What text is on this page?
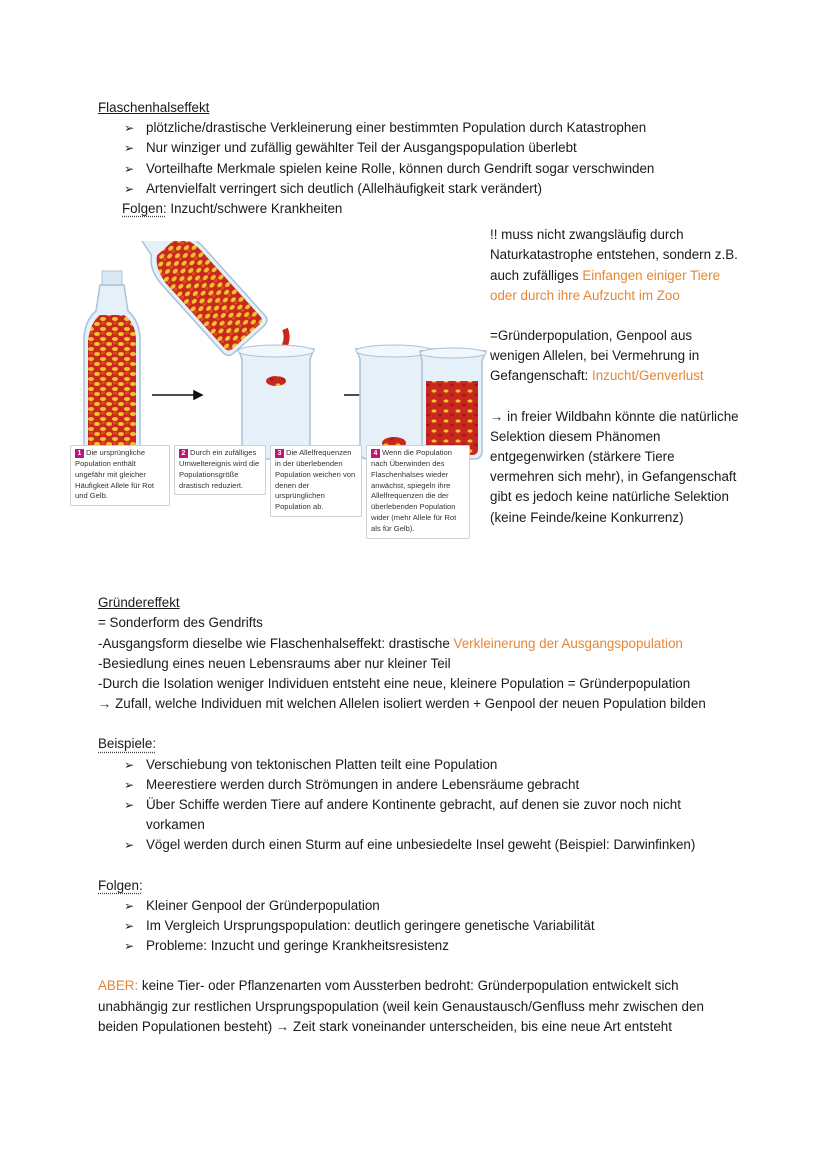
Flaschenhalseffekt
➢ plötzliche/drastische Verkleinerung einer bestimmten Population durch Katastrophen
➢ Nur winziger und zufällig gewählter Teil der Ausgangspopulation überlebt
➢ Vorteilhafte Merkmale spielen keine Rolle, können durch Gendrift sogar verschwinden
➢ Artenvielfalt verringert sich deutlich (Allelhäufigkeit stark verändert)
Folgen: Inzucht/schwere Krankheiten
1 Die ursprüngliche Population enthält ungefähr mit gleicher Häufigkeit Allele für Rot und Gelb.
2 Durch ein zufälliges Umweltereignis wird die Populationsgröße drastisch reduziert.
3 Die Allelfrequenzen in der überlebenden Population weichen von denen der ursprünglichen Population ab.
4 Wenn die Population nach Überwinden des Flaschenhalses wieder anwächst, spiegeln ihre Allelfrequenzen die der überlebenden Population wider (mehr Allele für Rot als für Gelb).

!! muss nicht zwangsläufig durch Naturkatastrophe entstehen, sondern z.B. auch zufälliges Einfangen einiger Tiere oder durch ihre Aufzucht im Zoo

=Gründerpopulation, Genpool aus wenigen Allelen, bei Vermehrung in Gefangenschaft: Inzucht/Genverlust

→ in freier Wildbahn könnte die natürliche Selektion diesem Phänomen entgegenwirken (stärkere Tiere vermehren sich mehr), in Gefangenschaft gibt es jedoch keine natürliche Selektion (keine Feinde/keine Konkurrenz)

Gründereffekt
= Sonderform des Gendrifts
-Ausgangsform dieselbe wie Flaschenhalseffekt: drastische Verkleinerung der Ausgangspopulation
-Besiedlung eines neuen Lebensraums aber nur kleiner Teil
-Durch die Isolation weniger Individuen entsteht eine neue, kleinere Population = Gründerpopulation
→ Zufall, welche Individuen mit welchen Allelen isoliert werden + Genpool der neuen Population bilden
Beispiele:
➢ Verschiebung von tektonischen Platten teilt eine Population
➢ Meerestiere werden durch Strömungen in andere Lebensräume gebracht
➢ Über Schiffe werden Tiere auf andere Kontinente gebracht, auf denen sie zuvor noch nicht vorkamen
➢ Vögel werden durch einen Sturm auf eine unbesiedelte Insel geweht (Beispiel: Darwinfinken)
Folgen:
➢ Kleiner Genpool der Gründerpopulation
➢ Im Vergleich Ursprungspopulation: deutlich geringere genetische Variabilität
➢ Probleme: Inzucht und geringe Krankheitsresistenz
ABER: keine Tier- oder Pflanzenarten vom Aussterben bedroht: Gründerpopulation entwickelt sich unabhängig zur restlichen Ursprungspopulation (weil kein Genaustausch/Genfluss mehr zwischen den beiden Populationen besteht) → Zeit stark voneinander unterscheiden, bis eine neue Art entsteht
